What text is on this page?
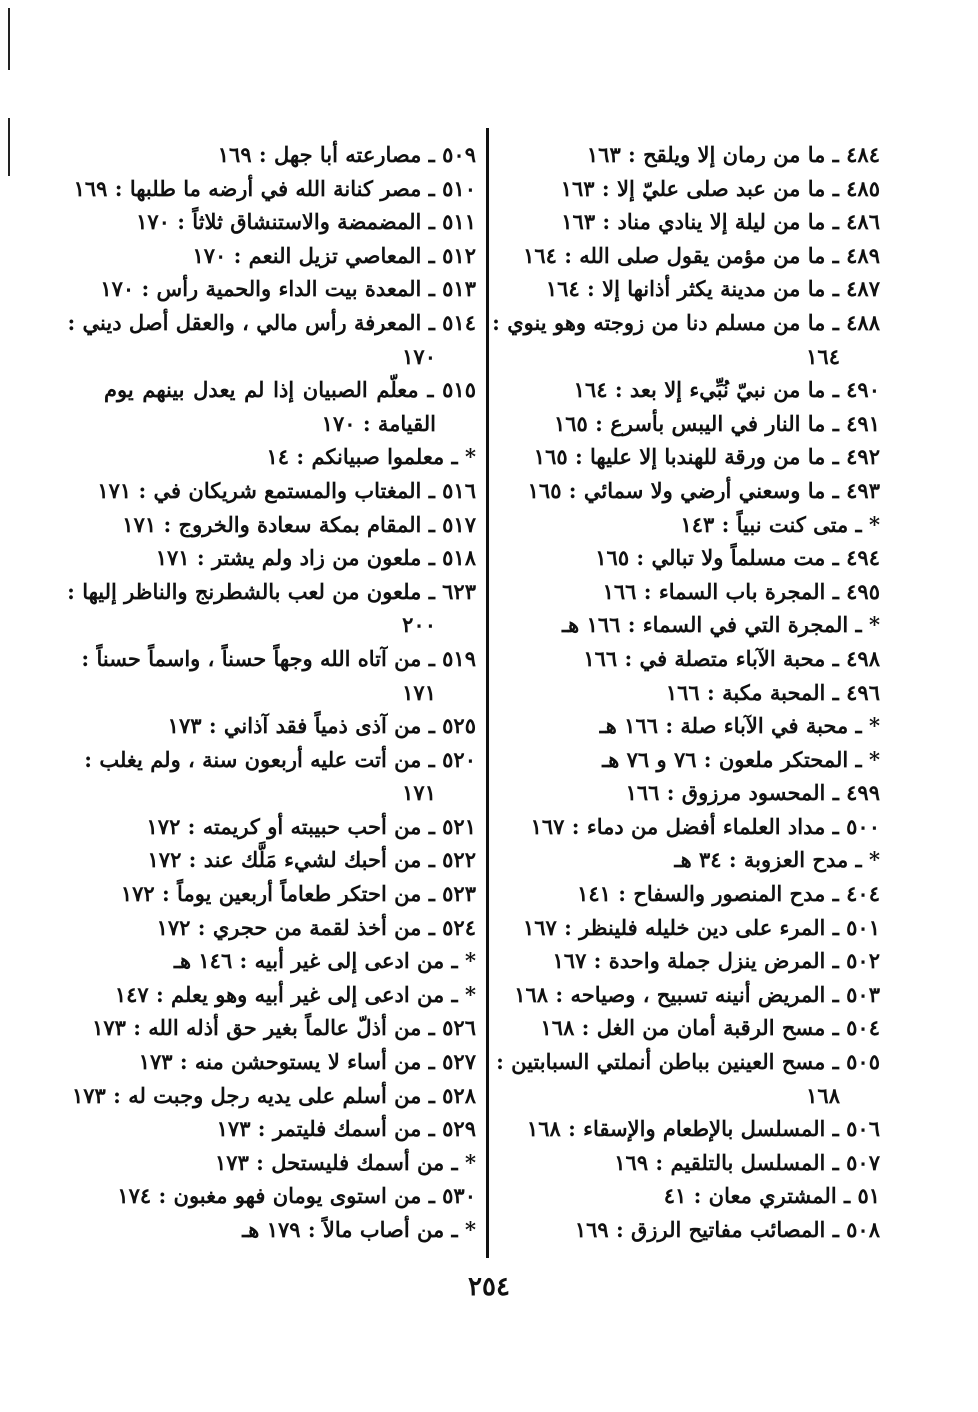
٤٨٤ ـ ما من رمان إلا ويلقح : ١٦٣
٤٨٥ ـ ما من عبد صلى عليّ إلا : ١٦٣
٤٨٦ ـ ما من ليلة إلا ينادي مناد : ١٦٣
٤٨٩ ـ ما من مؤمن يقول صلى الله : ١٦٤
٤٨٧ ـ ما من مدينة يكثر أذانها إلا : ١٦٤
٤٨٨ ـ ما من مسلم دنا من زوجته وهو ينوي :
١٦٤
٤٩٠ ـ ما من نبيّ نُبِّيء إلا بعد : ١٦٤
٤٩١ ـ ما النار في اليبس بأسرع : ١٦٥
٤٩٢ ـ ما من ورقة للهندبا إلا عليها : ١٦٥
٤٩٣ ـ ما وسعني أرضي ولا سمائي : ١٦٥
* ـ متى كنت نبياً : ١٤٣
٤٩٤ ـ مت مسلماً ولا تبالي : ١٦٥
٤٩٥ ـ المجرة باب السماء : ١٦٦
* ـ المجرة التي في السماء : ١٦٦ هـ
٤٩٨ ـ محبة الآباء متصلة في : ١٦٦
٤٩٦ ـ المحبة مكبة : ١٦٦
* ـ محبة في الآباء صلة : ١٦٦ هـ
* ـ المحتكر ملعون : ٧٦ و ٧٦ هـ
٤٩٩ ـ المحسود مرزوق : ١٦٦
٥٠٠ ـ مداد العلماء أفضل من دماء : ١٦٧
* ـ مدح العزوبة : ٣٤ هـ
٤٠٤ ـ مدح المنصور والسفاح : ١٤١
٥٠١ ـ المرء على دين خليله فلينظر : ١٦٧
٥٠٢ ـ المرض ينزل جملة واحدة : ١٦٧
٥٠٣ ـ المريض أنينه تسبيح ، وصياحه : ١٦٨
٥٠٤ ـ مسح الرقبة أمان من الغل : ١٦٨
٥٠٥ ـ مسح العينين بباطن أنملتي السبابتين :
١٦٨
٥٠٦ ـ المسلسل بالإطعام والإسقاء : ١٦٨
٥٠٧ ـ المسلسل بالتلقيم : ١٦٩
٥١ ـ المشتري معان : ٤١
٥٠٨ ـ المصائب مفاتيح الرزق : ١٦٩
٥٠٩ ـ مصارعته أبا جهل : ١٦٩
٥١٠ ـ مصر كنانة الله في أرضه ما طلبها : ١٦٩
٥١١ ـ المضمضة والاستنشاق ثلاثاً : ١٧٠
٥١٢ ـ المعاصي تزيل النعم : ١٧٠
٥١٣ ـ المعدة بيت الداء والحمية رأس : ١٧٠
٥١٤ ـ المعرفة رأس مالي ، والعقل أصل ديني :
١٧٠
٥١٥ ـ معلّم الصبيان إذا لم يعدل بينهم يوم
القيامة : ١٧٠
* ـ معلموا صبيانكم : ١٤
٥١٦ ـ المغتاب والمستمع شريكان في : ١٧١
٥١٧ ـ المقام بمكة سعادة والخروج : ١٧١
٥١٨ ـ ملعون من زاد ولم يشتر : ١٧١
٦٢٣ ـ ملعون من لعب بالشطرنج والناظر إليها :
٢٠٠
٥١٩ ـ من آتاه الله وجهاً حسناً ، واسماً حسناً :
١٧١
٥٢٥ ـ من آذى ذمياً فقد آذاني : ١٧٣
٥٢٠ ـ من أتت عليه أربعون سنة ، ولم يغلب :
١٧١
٥٢١ ـ من أحب حبيبته أو كريمته : ١٧٢
٥٢٢ ـ من أحبك لشيء مَلَّك عند : ١٧٢
٥٢٣ ـ من احتكر طعاماً أربعين يوماً : ١٧٢
٥٢٤ ـ من أخذ لقمة من حجري : ١٧٢
* ـ من ادعى إلى غير أبيه : ١٤٦ هـ
* ـ من ادعى إلى غير أبيه وهو يعلم : ١٤٧
٥٢٦ ـ من أذلّ عالماً بغير حق أذله الله : ١٧٣
٥٢٧ ـ من أساء لا يستوحشن منه : ١٧٣
٥٢٨ ـ من أسلم على يديه رجل وجبت له : ١٧٣
٥٢٩ ـ من أسمك فليتمر : ١٧٣
* ـ من أسمك فليستحل : ١٧٣
٥٣٠ ـ من استوى يومان فهو مغبون : ١٧٤
* ـ من أصاب مالاً : ١٧٩ هـ
٢٥٤
